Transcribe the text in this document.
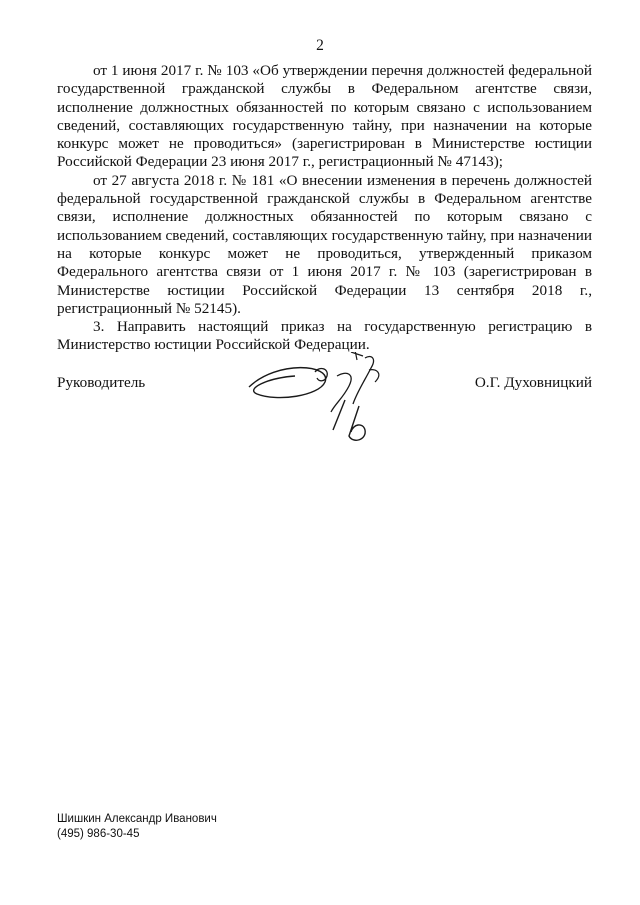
2

от 1 июня 2017 г. № 103 «Об утверждении перечня должностей федеральной государственной гражданской службы в Федеральном агентстве связи, исполнение должностных обязанностей по которым связано с использованием сведений, составляющих государственную тайну, при назначении на которые конкурс может не проводиться» (зарегистрирован в Министерстве юстиции Российской Федерации 23 июня 2017 г., регистрационный № 47143);

от 27 августа 2018 г. № 181 «О внесении изменения в перечень должностей федеральной государственной гражданской службы в Федеральном агентстве связи, исполнение должностных обязанностей по которым связано с использованием сведений, составляющих государственную тайну, при назначении на которые конкурс может не проводиться, утвержденный приказом Федерального агентства связи от 1 июня 2017 г. № 103 (зарегистрирован в Министерстве юстиции Российской Федерации 13 сентября 2018 г., регистрационный № 52145).

3. Направить настоящий приказ на государственную регистрацию в Министерство юстиции Российской Федерации.

Руководитель	О.Г. Духовницкий
Шишкин Александр Иванович
(495) 986-30-45
